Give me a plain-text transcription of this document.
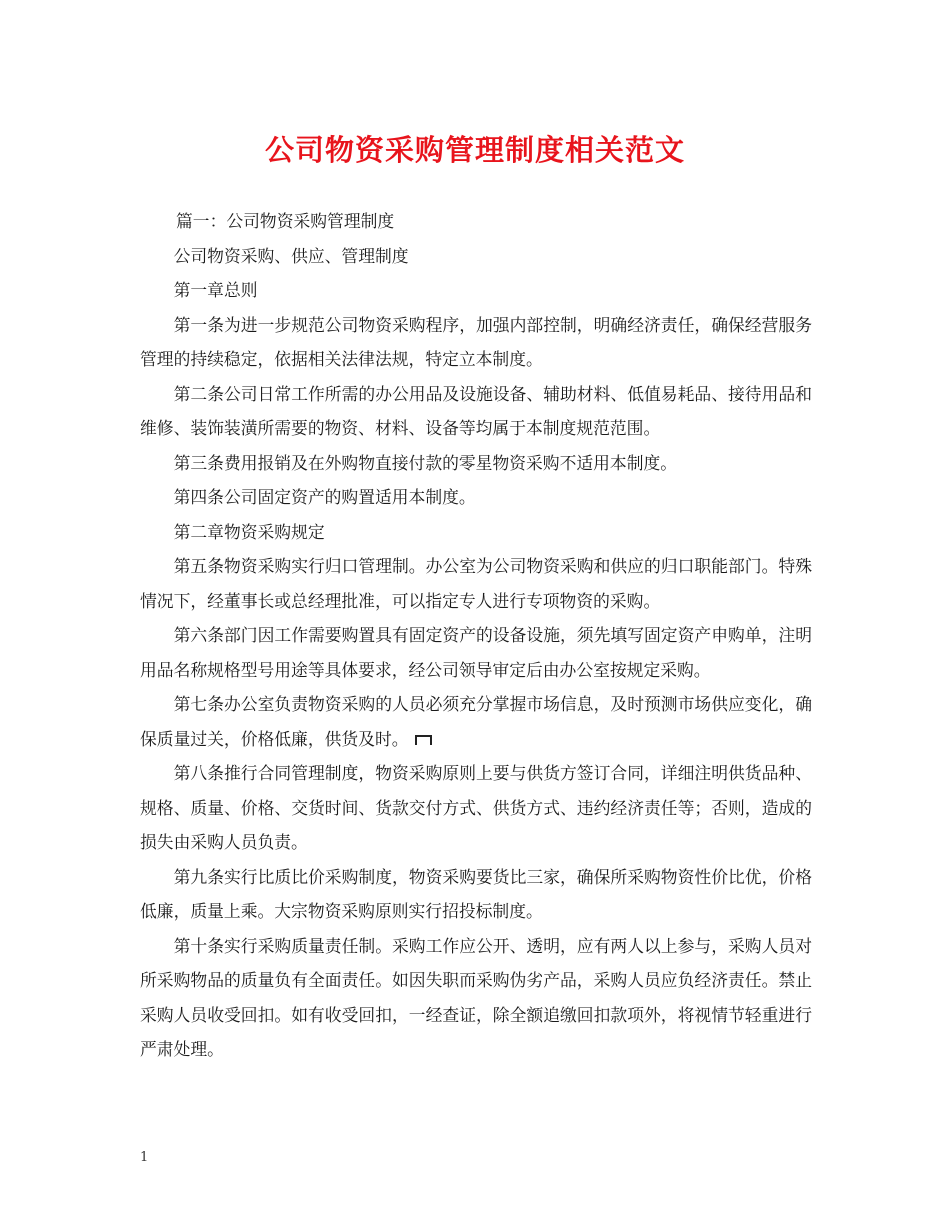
公司物资采购管理制度相关范文

篇一：公司物资采购管理制度

公司物资采购、供应、管理制度

第一章总则

第一条为进一步规范公司物资采购程序，加强内部控制，明确经济责任，确保经营服务管理的持续稳定，依据相关法律法规，特定立本制度。

第二条公司日常工作所需的办公用品及设施设备、辅助材料、低值易耗品、接待用品和维修、装饰装潢所需要的物资、材料、设备等均属于本制度规范范围。

第三条费用报销及在外购物直接付款的零星物资采购不适用本制度。

第四条公司固定资产的购置适用本制度。

第二章物资采购规定

第五条物资采购实行归口管理制。办公室为公司物资采购和供应的归口职能部门。特殊情况下，经董事长或总经理批准，可以指定专人进行专项物资的采购。

第六条部门因工作需要购置具有固定资产的设备设施，须先填写固定资产申购单，注明用品名称规格型号用途等具体要求，经公司领导审定后由办公室按规定采购。

第七条办公室负责物资采购的人员必须充分掌握市场信息，及时预测市场供应变化，确保质量过关，价格低廉，供货及时。

第八条推行合同管理制度，物资采购原则上要与供货方签订合同，详细注明供货品种、规格、质量、价格、交货时间、货款交付方式、供货方式、违约经济责任等；否则，造成的损失由采购人员负责。

第九条实行比质比价采购制度，物资采购要货比三家，确保所采购物资性价比优，价格低廉，质量上乘。大宗物资采购原则实行招投标制度。

第十条实行采购质量责任制。采购工作应公开、透明，应有两人以上参与，采购人员对所采购物品的质量负有全面责任。如因失职而采购伪劣产品，采购人员应负经济责任。禁止采购人员收受回扣。如有收受回扣，一经查证，除全额追缴回扣款项外，将视情节轻重进行严肃处理。

1
